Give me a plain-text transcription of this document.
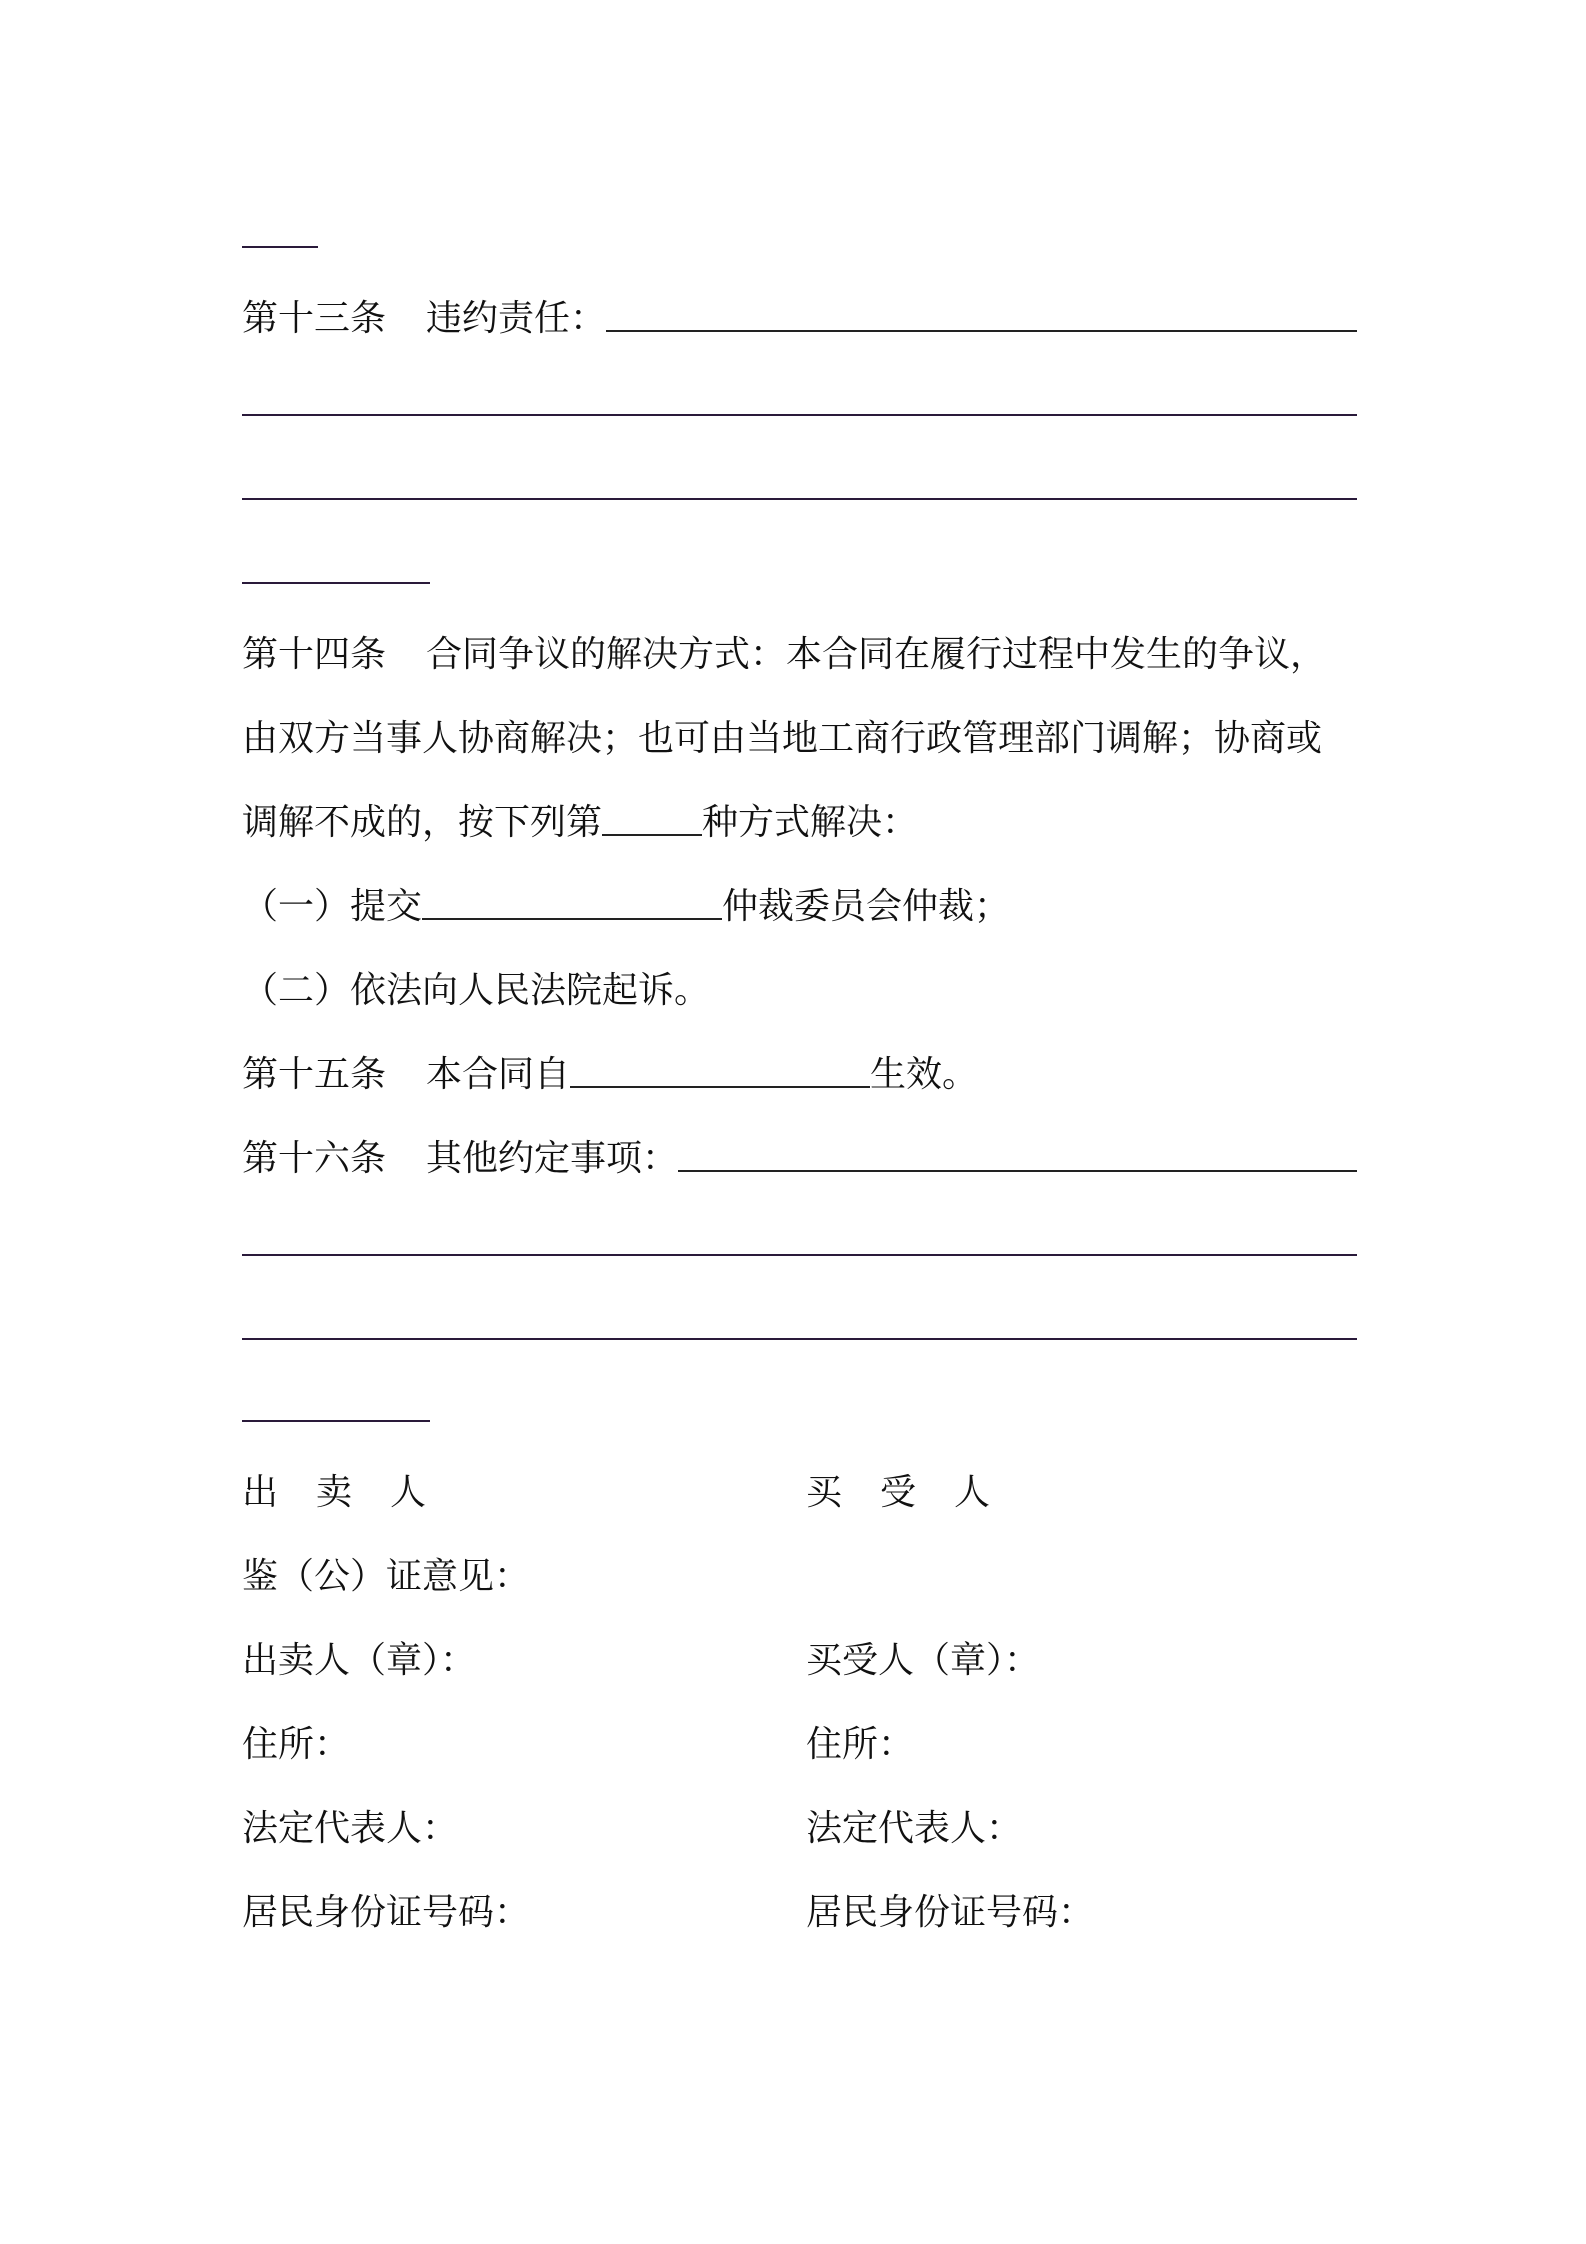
第十三条 违约责任：
第十四条 合同争议的解决方式：本合同在履行过程中发生的争议，
由双方当事人协商解决；也可由当地工商行政管理部门调解；协商或
调解不成的，按下列第	种方式解决：
（一）提交	仲裁委员会仲裁；
（二）依法向人民法院起诉。
第十五条 本合同自	生效。
第十六条 其他约定事项：
出卖人	买受人
鉴（公）证意见：
出卖人（章）：	买受人（章）：
住所：	住所：
法定代表人：	法定代表人：
居民身份证号码：	居民身份证号码：
